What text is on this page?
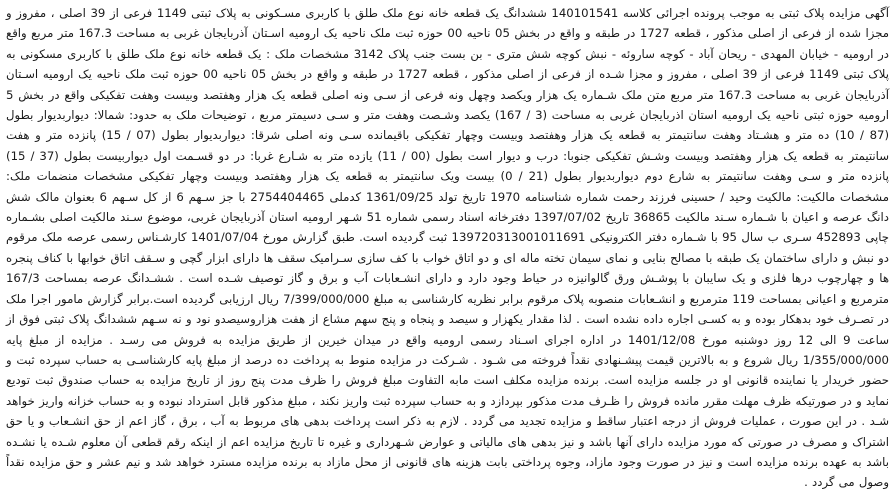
آگهی مزایده پلاک ثبتی به موجب پرونده اجرائی کلاسه 140101541 ششدانگ یک قطعه خانه نوع ملک طلق با کاربری مسـکونی به پلاک ثبتی 1149 فرعی از 39 اصلی ، مفروز و مجزا شده از فرعی از اصلی مذکور ، قطعه 1727 در طبقه و واقع در بخش 05 ناحیه 00 حوزه ثبت ملک ناحیه یک ارومیه اسـتان آذربایجان غربی به مساحت 167.3 متر مربع واقع در ارومیه - خیابان المهدی - ریحان آباد - کوچه ساروئه - نبش کوچه شش متری - بن بست جنب پلاک 3142 مشخصات ملک : یک قطعه خانه نوع ملک طلق با کاربری مسکونی به پلاک ثبتی 1149 فرعی از 39 اصلی ، مفروز و مجزا شـده از فرعی از اصلی مذکور ، قطعه 1727 در طبقه و واقع در بخش 05 ناحیه 00 حوزه ثبت ملک ناحیه یک ارومیه اسـتان آذربایجان غربی به مساحت 167.3 متر مربع متن ملک شـماره یک هزار ویکصد وچهل ونه فرعی از سـی ونه اصلی قطعه یک هزار وهفتصد وبیست وهفت تفکیکی واقع در بخش 5 ارومیه حوزه ثبتی ناحیه یک ارومیه استان اذربایجان غربی به مساحت (3 / 167) یکصد وشـصت وهفت متر و سـی دسیمتر مربع ، توضیحات ملک به حدود: شمالا: دیواربدیوار بطول (87 / 10) ده متر و هشـتاد وهفت سانتیمتر به قطعه یک هزار وهفتصد وبیست وچهار تفکیکی باقیمانده سـی ونه اصلی شرقا: دیواربدیوار بطول (07 / 15) پانزده متر و هفت سانتیمتر به قطعه یک هزار وهفتصد وبیست وشـش تفکیکی جنوبا: درب و دیوار است بطول (00 / 11) یازده متر به شـارع غربا: در دو قسـمت اول دیواربیست بطول (37 / 15) پانزده متر و سـی وهفت سانتیمتر به شارع دوم دیواربدیوار بطول (21 / 0) بیست ویک سانتیمتر به قطعه یک هزار وهفتصد وبیست وچهار تفکیکی مشخصات منضمات ملک: مشخصات مالکیت: مالکیت وحید / حسینی فرزند رحمت شماره شناسنامه 1970 تاریخ تولد 1361/09/25 کدملی 2754404465 با جز سـهم 6 از کل سـهم 6 بعنوان مالک شش دانگ عرصه و اعیان با شـماره سـند مالکیت 36865 تاریخ 1397/07/02 دفترخانه اسناد رسمی شماره 51 شـهر ارومیه استان آذربایجان غربی، موضوع سـند مالکیت اصلی بشـماره چاپی 452893 سـری ب سال 95 با شـماره دفتر الکترونیکی 139720313001011691 ثبت گردیده است. طبق گزارش مورخ 1401/07/04 کارشـناس رسمی عرصه ملک مرقوم دو نبش و دارای ساختمان یک طبقه با مصالح بنایی و نمای سیمان تخته ماله ای و دو اتاق خواب با کف سازی سـرامیک سقف ها دارای ابزار گچی و سـقف اتاق خوابها با کناف پنجره ها و چهارچوب درها فلزی و یک سایبان با پوشـش ورق گالوانیزه در حیاط وجود دارد و دارای انشـعابات آب و برق و گاز توصیف شـده است . ششـدانگ عرصه بمساحت 167/3 مترمربع و اعیانی بمساحت 119 مترمربع و انشـعابات منصوبه پلاک مرقوم برابر نظریه کارشناسی به مبلغ 7/399/000/000 ریال ارزیابی گردیده است.برابر گزارش مامور اجرا ملک در تصـرف خود بدهکار بوده و به کسـی اجاره داده نشده است . لذا مقدار یکهزار و سیصد و پنجاه و پنج سهم مشاع از هفت هزاروسیصدو نود و نه سـهم ششدانگ پلاک ثبتی فوق از ساعت 9 الی 12 روز دوشنبه مورخ 1401/12/08 در اداره اجرای اسـناد رسمی ارومیه واقع در میدان خیرین از طریق مزایده به فروش می رسـد . مزایده از مبلغ پایه 1/355/000/000 ریال شروع و به بالاترین قیمت پیشـنهادی نقداً فروخته می شـود . شـرکت در مزایده منوط به پرداخت ده درصد از مبلغ پایه کارشناسـی به حساب سپرده ثبت و حضور خریدار یا نماینده قانونی او در جلسه مزایده است. برنده مزایده مکلف است مابه التفاوت مبلغ فروش را ظرف مدت پنج روز از تاریخ مزایده به حساب صندوق ثبت تودیع نماید و در صورتیکه ظرف مهلت مقرر مانده فروش را ظـرف مدت مذکور بپردازد و به حساب سپرده ثبت واریز نکند ، مبلغ مذکور قابل استرداد نبوده و به حساب خزانه واریز خواهد شـد . در این صورت ، عملیات فروش از درجه اعتبار ساقط و مزایده تجدید می گردد . لازم به ذکر است پرداخت بدهی های مربوط به آب ، برق ، گاز اعم از حق انشـعاب و یا حق اشتراک و مصرف در صورتی که مورد مزایده دارای آنها باشد و نیز بدهی های مالیاتی و عوارض شـهرداری و غیره تا تاریخ مزایده اعم از اینکه رقم قطعی آن معلوم شـده یا نشـده باشد به عهده برنده مزایده است و نیز در صورت وجود مازاد، وجوه پرداختی بابت هزینه های قانونی از محل مازاد به برنده مزایده مسترد خواهد شد و نیم عشر و حق مزایده نقداً وصول می گردد .
